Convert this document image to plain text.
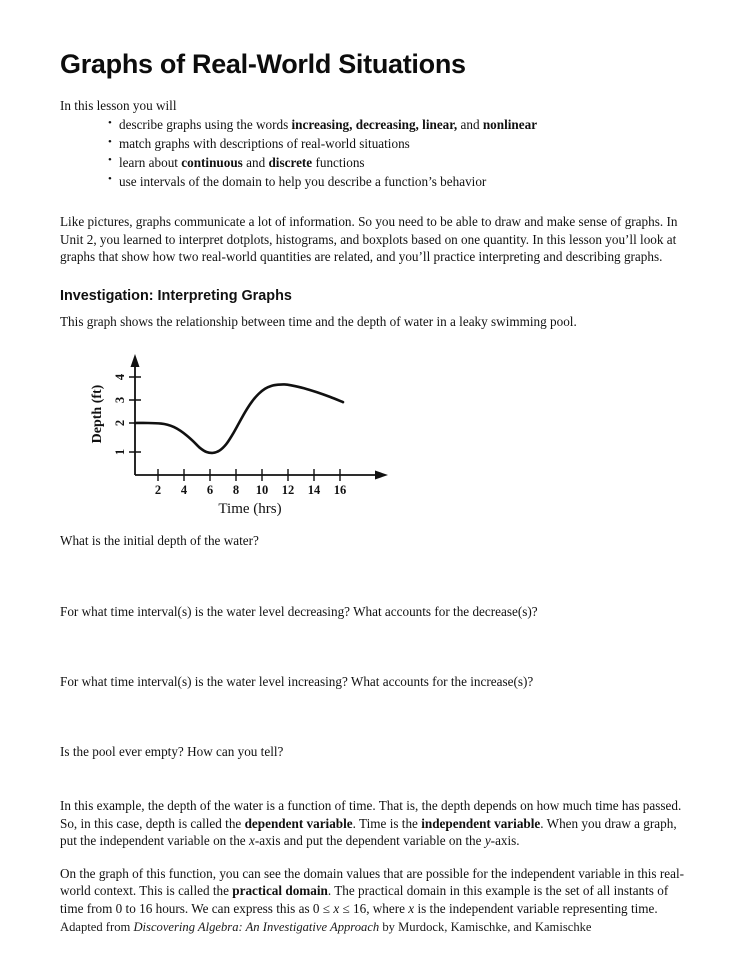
Graphs of Real-World Situations

In this lesson you will

• describe graphs using the words increasing, decreasing, linear, and nonlinear
• match graphs with descriptions of real-world situations
• learn about continuous and discrete functions
• use intervals of the domain to help you describe a function’s behavior

Like pictures, graphs communicate a lot of information. So you need to be able to draw and make sense of graphs. In Unit 2, you learned to interpret dotplots, histograms, and boxplots based on one quantity. In this lesson you’ll look at graphs that show how two real-world quantities are related, and you’ll practice interpreting and describing graphs.

Investigation: Interpreting Graphs

This graph shows the relationship between time and the depth of water in a leaky swimming pool.

4
3
2
1
Depth (ft)
2 4 6 8 10 12 14 16
Time (hrs)

What is the initial depth of the water?

For what time interval(s) is the water level decreasing? What accounts for the decrease(s)?

For what time interval(s) is the water level increasing? What accounts for the increase(s)?

Is the pool ever empty? How can you tell?

In this example, the depth of the water is a function of time. That is, the depth depends on how much time has passed. So, in this case, depth is called the dependent variable. Time is the independent variable. When you draw a graph, put the independent variable on the x-axis and put the dependent variable on the y-axis.

On the graph of this function, you can see the domain values that are possible for the independent variable in this real-world context. This is called the practical domain. The practical domain in this example is the set of all instants of time from 0 to 16 hours. We can express this as 0 ≤ x ≤ 16, where x is the independent variable representing time.

Adapted from Discovering Algebra: An Investigative Approach by Murdock, Kamischke, and Kamischke
